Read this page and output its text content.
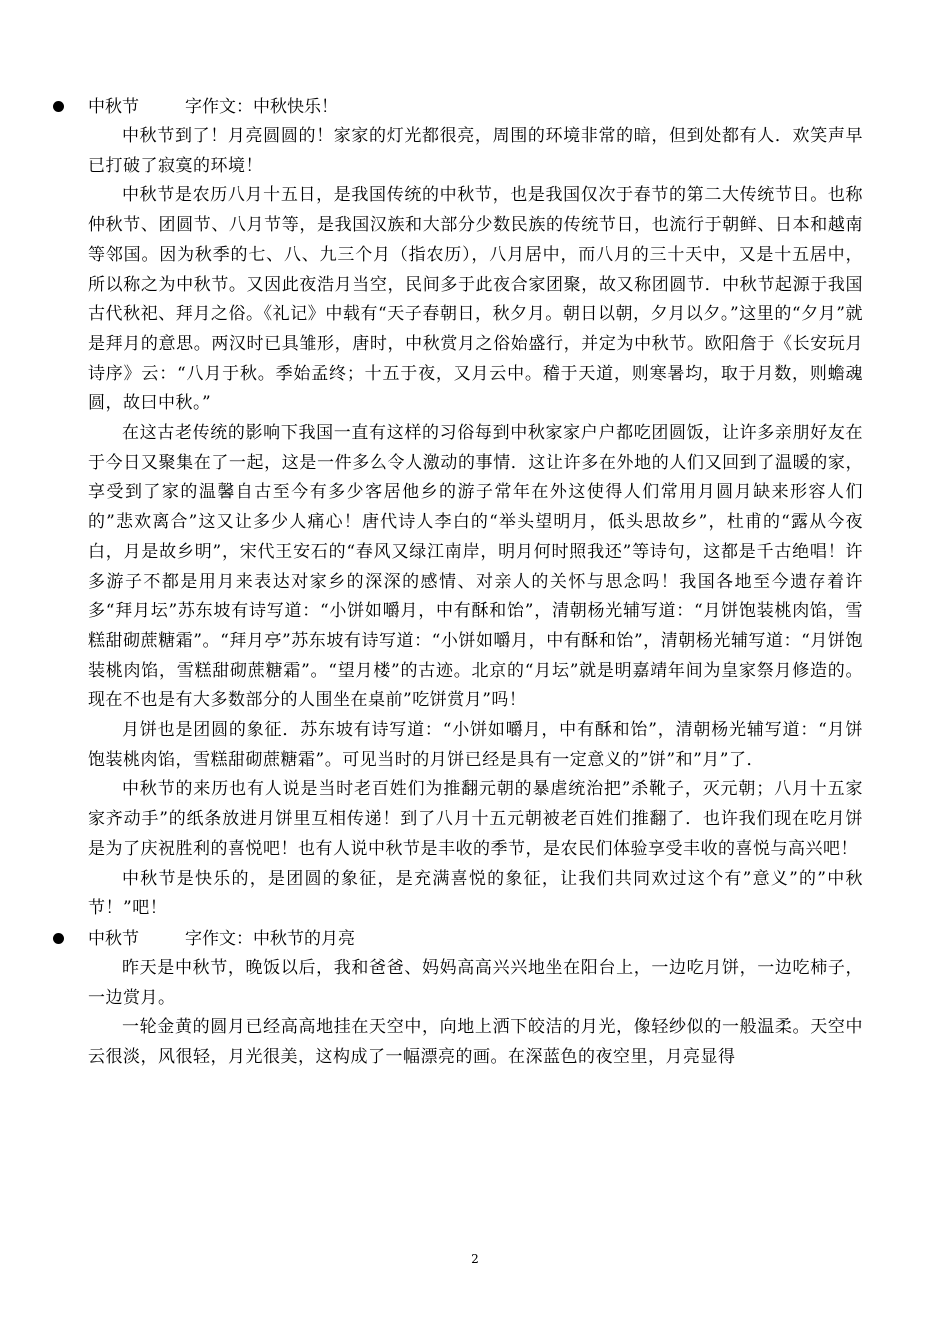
中秋节	字作文：中秋快乐！

中秋节到了！月亮圆圆的！家家的灯光都很亮，周围的环境非常的暗，但到处都有人．欢笑声早已打破了寂寞的环境！

中秋节是农历八月十五日，是我国传统的中秋节，也是我国仅次于春节的第二大传统节日。也称仲秋节、团圆节、八月节等，是我国汉族和大部分少数民族的传统节日，也流行于朝鲜、日本和越南等邻国。因为秋季的七、八、九三个月（指农历），八月居中，而八月的三十天中，又是十五居中，所以称之为中秋节。又因此夜浩月当空，民间多于此夜合家团聚，故又称团圆节．中秋节起源于我国古代秋祀、拜月之俗。《礼记》中载有“天子春朝日，秋夕月。朝日以朝，夕月以夕。”这里的“夕月”就是拜月的意思。两汉时已具雏形，唐时，中秋赏月之俗始盛行，并定为中秋节。欧阳詹于《长安玩月诗序》云：“八月于秋。季始孟终；十五于夜，又月云中。稽于天道，则寒暑均，取于月数，则蟾魂圆，故曰中秋。”

在这古老传统的影响下我国一直有这样的习俗每到中秋家家户户都吃团圆饭，让许多亲朋好友在于今日又聚集在了一起，这是一件多么令人激动的事情．这让许多在外地的人们又回到了温暖的家，享受到了家的温馨自古至今有多少客居他乡的游子常年在外这使得人们常用月圆月缺来形容人们的”悲欢离合”这又让多少人痛心！唐代诗人李白的“举头望明月，低头思故乡”，杜甫的“露从今夜白，月是故乡明”，宋代王安石的“春风又绿江南岸，明月何时照我还”等诗句，这都是千古绝唱！许多游子不都是用月来表达对家乡的深深的感情、对亲人的关怀与思念吗！我国各地至今遗存着许多“拜月坛”苏东坡有诗写道：“小饼如嚼月，中有酥和饴”，清朝杨光辅写道：“月饼饱装桃肉馅，雪糕甜砌蔗糖霜”。“拜月亭”苏东坡有诗写道：“小饼如嚼月，中有酥和饴”，清朝杨光辅写道：“月饼饱装桃肉馅，雪糕甜砌蔗糖霜”。“望月楼”的古迹。北京的“月坛”就是明嘉靖年间为皇家祭月修造的。现在不也是有大多数部分的人围坐在桌前”吃饼赏月”吗！

月饼也是团圆的象征．苏东坡有诗写道：“小饼如嚼月，中有酥和饴”，清朝杨光辅写道：“月饼饱装桃肉馅，雪糕甜砌蔗糖霜”。可见当时的月饼已经是具有一定意义的”饼”和”月”了．

中秋节的来历也有人说是当时老百姓们为推翻元朝的暴虐统治把”杀靴子，灭元朝；八月十五家家齐动手”的纸条放进月饼里互相传递！到了八月十五元朝被老百姓们推翻了．也许我们现在吃月饼是为了庆祝胜利的喜悦吧！也有人说中秋节是丰收的季节，是农民们体验享受丰收的喜悦与高兴吧！

中秋节是快乐的，是团圆的象征，是充满喜悦的象征，让我们共同欢过这个有”意义”的”中秋节！”吧！

中秋节	字作文：中秋节的月亮

昨天是中秋节，晚饭以后，我和爸爸、妈妈高高兴兴地坐在阳台上，一边吃月饼，一边吃柿子，一边赏月。

一轮金黄的圆月已经高高地挂在天空中，向地上洒下皎洁的月光，像轻纱似的一般温柔。天空中云很淡，风很轻，月光很美，这构成了一幅漂亮的画。在深蓝色的夜空里，月亮显得

2
